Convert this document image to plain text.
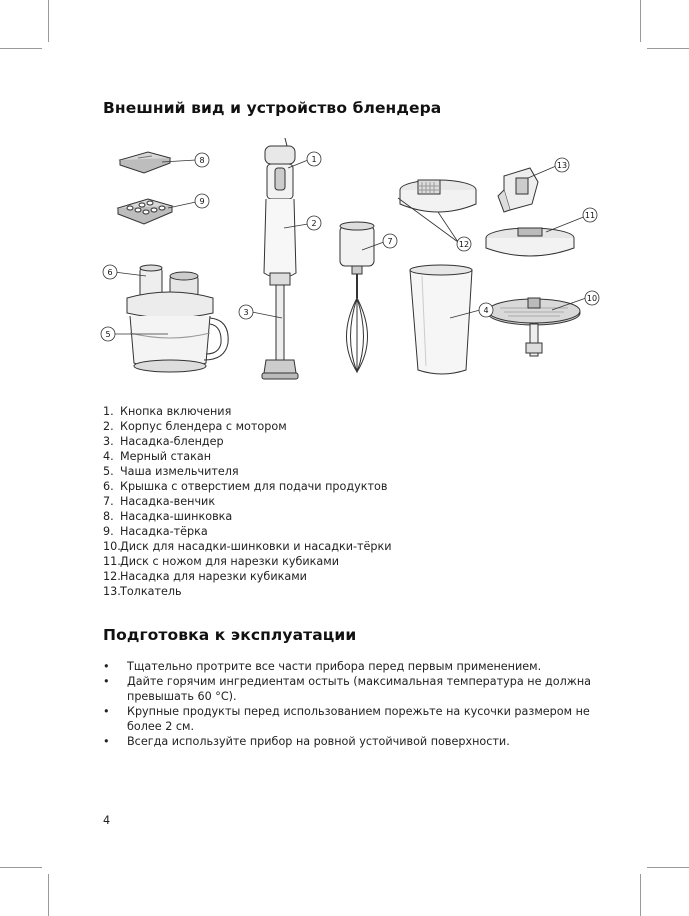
Внешний вид и устройство блендера
1
2
3	4
5
6
7
8
9
10
11
12
13
1. Кнопка включения
2. Корпус блендера с мотором
3. Насадка-блендер
4. Мерный стакан
5. Чаша измельчителя
6. Крышка с отверстием для подачи продуктов
7. Насадка-венчик
8. Насадка-шинковка
9. Насадка-тёрка
10. Диск для насадки-шинковки и насадки-тёрки
11. Диск с ножом для нарезки кубиками
12. Насадка для нарезки кубиками
13. Толкатель
Подготовка к эксплуатации
• Тщательно протрите все части прибора перед первым применением.
• Дайте горячим ингредиентам остыть (максимальная температура не должна превышать 60 °C).
• Крупные продукты перед использованием порежьте на кусочки размером не более 2 см.
• Всегда используйте прибор на ровной устойчивой поверхности.
4
